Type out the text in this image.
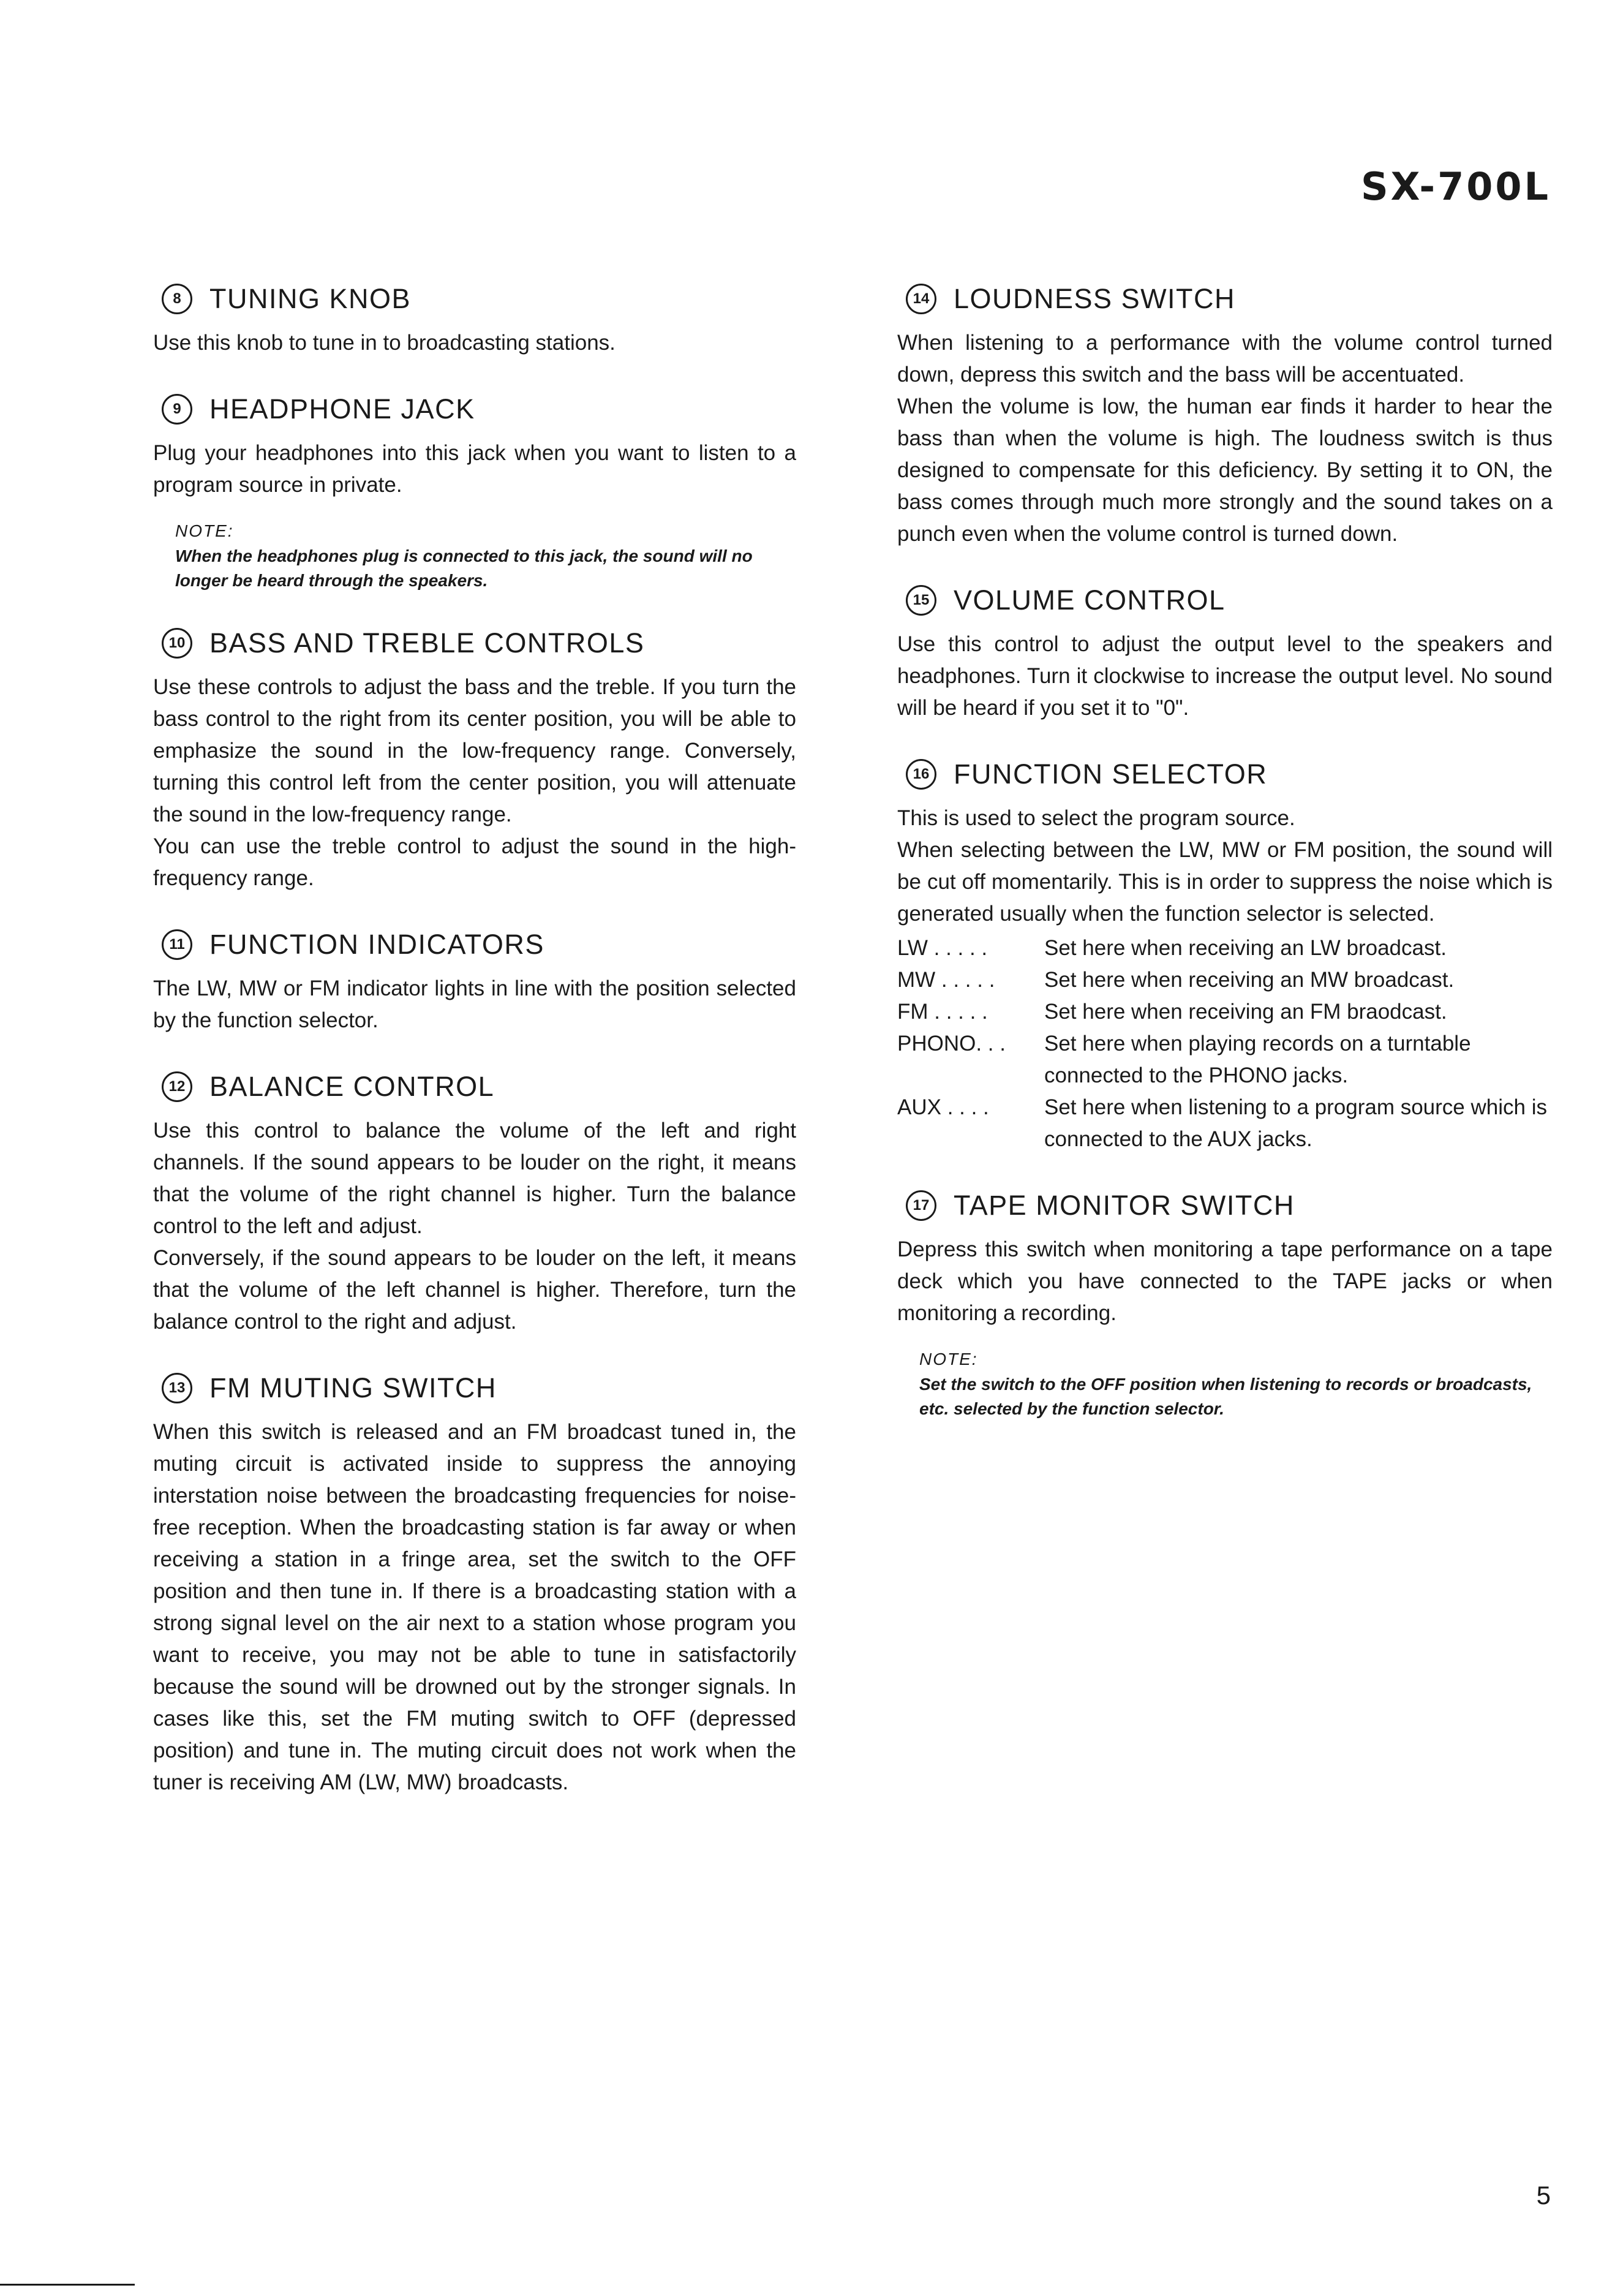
SX-700L
8	TUNING KNOB

Use this knob to tune in to broadcasting stations.

9	HEADPHONE JACK

Plug your headphones into this jack when you want to listen to a program source in private.

NOTE:
When the headphones plug is connected to this jack, the sound will no longer be heard through the speakers.
10 BASS AND TREBLE CONTROLS

Use these controls to adjust the bass and the treble. If you turn the bass control to the right from its center position, you will be able to emphasize the sound in the low-frequency range. Conversely, turning this control left from the center position, you will attenuate the sound in the low-frequency range.

You can use the treble control to adjust the sound in the high-frequency range.

11 FUNCTION INDICATORS

The LW, MW or FM indicator lights in line with the position selected by the function selector.

12 BALANCE CONTROL

Use this control to balance the volume of the left and right channels. If the sound appears to be louder on the right, it means that the volume of the right channel is higher. Turn the balance control to the left and adjust.

Conversely, if the sound appears to be louder on the left, it means that the volume of the left channel is higher. Therefore, turn the balance control to the right and adjust.

13 FM MUTING SWITCH

When this switch is released and an FM broadcast tuned in, the muting circuit is activated inside to suppress the annoying interstation noise between the broadcasting frequencies for noise-free reception. When the broadcasting station is far away or when receiving a station in a fringe area, set the switch to the OFF position and then tune in. If there is a broadcasting station with a strong signal level on the air next to a station whose program you want to receive, you may not be able to tune in satisfactorily because the sound will be drowned out by the stronger signals. In cases like this, set the FM muting switch to OFF (depressed position) and tune in. The muting circuit does not work when the tuner is receiving AM (LW, MW) broadcasts.

14 LOUDNESS SWITCH

When listening to a performance with the volume control turned down, depress this switch and the bass will be accentuated.

When the volume is low, the human ear finds it harder to hear the bass than when the volume is high. The loudness switch is thus designed to compensate for this deficiency. By setting it to ON, the bass comes through much more strongly and the sound takes on a punch even when the volume control is turned down.

15 VOLUME CONTROL

Use this control to adjust the output level to the speakers and headphones. Turn it clockwise to increase the output level. No sound will be heard if you set it to "0".

16 FUNCTION SELECTOR

This is used to select the program source.

When selecting between the LW, MW or FM position, the sound will be cut off momentarily. This is in order to suppress the noise which is generated usually when the function selector is selected.

LW . . . . .	Set here when receiving an LW broadcast.
MW . . . . .	Set here when receiving an MW broadcast.
FM . . . . .	Set here when receiving an FM braodcast.
PHONO. . .	Set here when playing records on a turntable connected to the PHONO jacks.
AUX . . . .	Set here when listening to a program source which is connected to the AUX jacks.
17 TAPE MONITOR SWITCH

Depress this switch when monitoring a tape performance on a tape deck which you have connected to the TAPE jacks or when monitoring a recording.

NOTE:
Set the switch to the OFF position when listening to records or broadcasts, etc. selected by the function selector.
5
